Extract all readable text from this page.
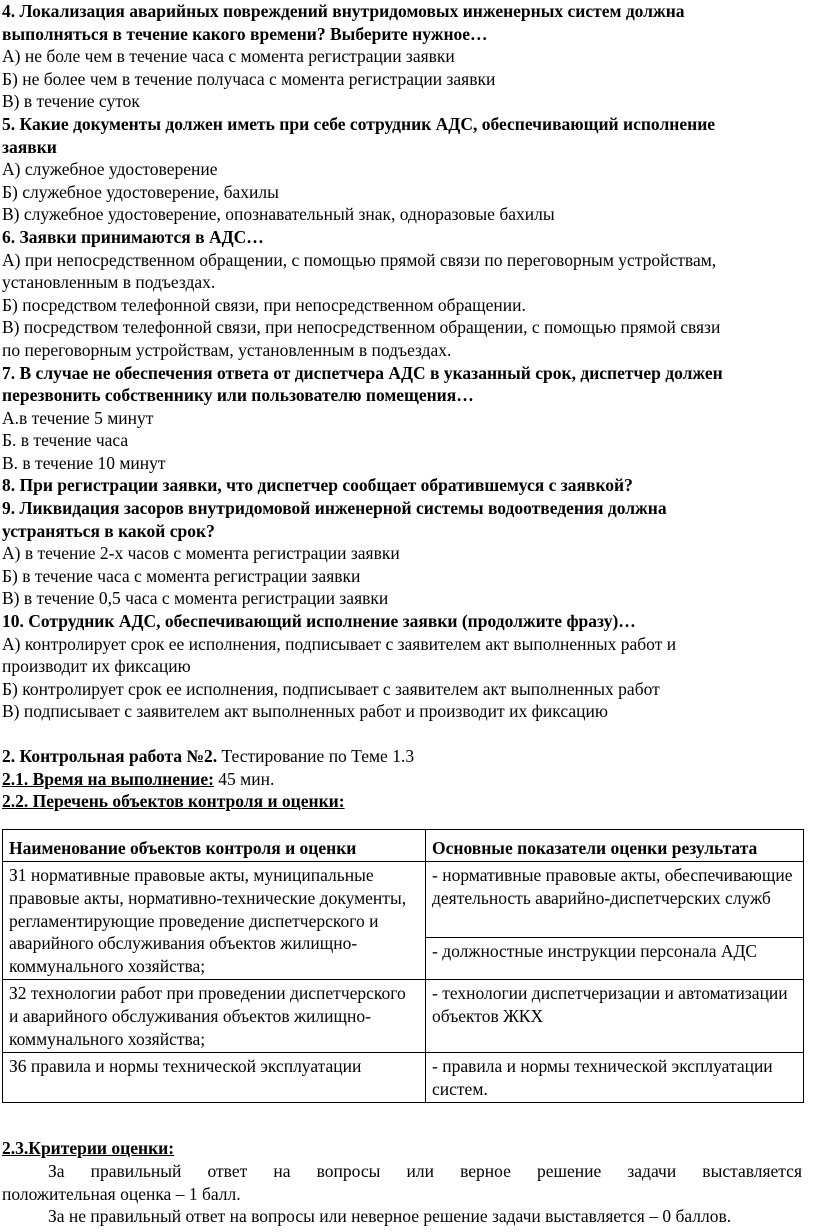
4. Локализация аварийных повреждений внутридомовых инженерных систем должна
выполняться в течение какого времени? Выберите нужное…
А) не боле чем в течение часа с момента регистрации заявки
Б) не более чем в течение получаса с момента регистрации заявки
В) в течение суток
5. Какие документы должен иметь при себе сотрудник АДС, обеспечивающий исполнение
заявки
А) служебное удостоверение
Б) служебное удостоверение, бахилы
В) служебное удостоверение, опознавательный знак, одноразовые бахилы
6. Заявки принимаются в АДС…
А) при непосредственном обращении, с помощью прямой связи по переговорным устройствам,
установленным в подъездах.
Б) посредством телефонной связи, при непосредственном обращении.
В) посредством телефонной связи, при непосредственном обращении, с помощью прямой связи
по переговорным устройствам, установленным в подъездах.
7. В случае не обеспечения ответа от диспетчера АДС в указанный срок, диспетчер должен
перезвонить собственнику или пользователю помещения…
А.в течение 5 минут
Б. в течение часа
В. в течение 10 минут
8. При регистрации заявки, что диспетчер сообщает обратившемуся с заявкой?
9. Ликвидация засоров внутридомовой инженерной системы водоотведения должна
устраняться в какой срок?
А) в течение 2-х часов с момента регистрации заявки
Б) в течение часа с момента регистрации заявки
В) в течение 0,5 часа с момента регистрации заявки
10. Сотрудник АДС, обеспечивающий исполнение заявки (продолжите фразу)…
А) контролирует срок ее исполнения, подписывает с заявителем акт выполненных работ и
производит их фиксацию
Б) контролирует срок ее исполнения, подписывает с заявителем акт выполненных работ
В) подписывает с заявителем акт выполненных работ и производит их фиксацию
2. Контрольная работа №2. Тестирование по Теме 1.3
2.1. Время на выполнение: 45 мин.
2.2. Перечень объектов контроля и оценки:
Наименование объектов контроля и оценки	Основные показатели оценки результата
З1 нормативные правовые акты, муниципальные правовые акты, нормативно-технические документы, регламентирующие проведение диспетчерского и аварийного обслуживания объектов жилищно-коммунального хозяйства;	- нормативные правовые акты, обеспечивающие деятельность аварийно-диспетчерских служб
	- должностные инструкции персонала АДС
З2 технологии работ при проведении диспетчерского и аварийного обслуживания объектов жилищно-коммунального хозяйства;	- технологии диспетчеризации и автоматизации объектов ЖКХ
З6 правила и нормы технической эксплуатации	- правила и нормы технической эксплуатации систем.
2.3.Критерии оценки:
За правильный ответ на вопросы или верное решение задачи выставляется
положительная оценка – 1 балл.
За не правильный ответ на вопросы или неверное решение задачи выставляется – 0 баллов.
